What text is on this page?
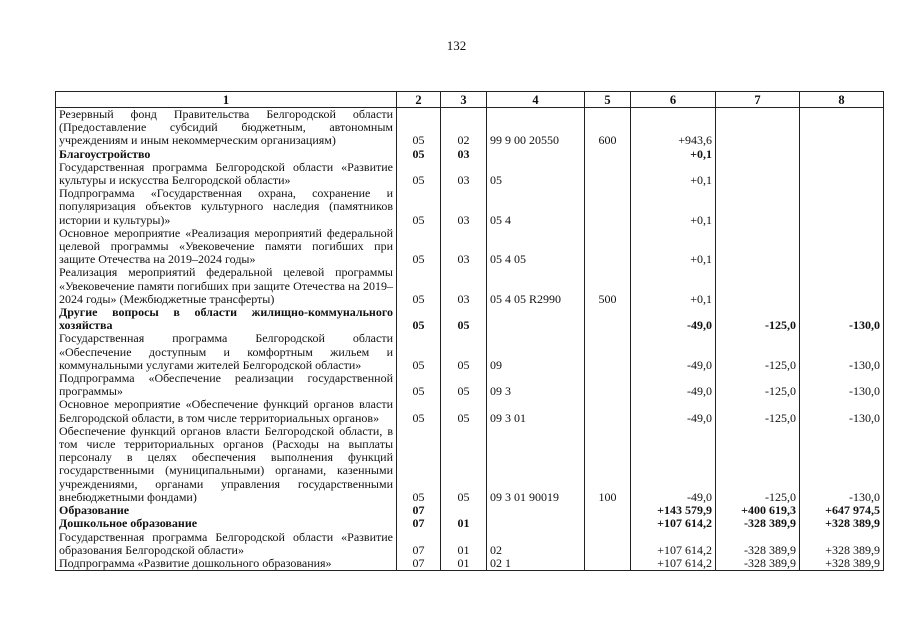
132
1	2	3	4	5	6	7	8
Резервный фонд Правительства Белгородской области (Предоставление субсидий бюджетным, автономным учреждениям и иным некоммерческим организациям)	05	02	99 9 00 20550	600	+943,6		
Благоустройство	05	03			+0,1		
Государственная программа Белгородской области «Развитие культуры и искусства Белгородской области»	05	03	05		+0,1		
Подпрограмма «Государственная охрана, сохранение и популяризация объектов культурного наследия (памятников истории и культуры)»	05	03	05 4		+0,1		
Основное мероприятие «Реализация мероприятий федеральной целевой программы «Увековечение памяти погибших при защите Отечества на 2019–2024 годы»	05	03	05 4 05		+0,1		
Реализация мероприятий федеральной целевой программы «Увековечение памяти погибших при защите Отечества на 2019–2024 годы» (Межбюджетные трансферты)	05	03	05 4 05 R2990	500	+0,1		
Другие вопросы в области жилищно-коммунального хозяйства	05	05			-49,0	-125,0	-130,0
Государственная программа Белгородской области «Обеспечение доступным и комфортным жильем и коммунальными услугами жителей Белгородской области»	05	05	09		-49,0	-125,0	-130,0
Подпрограмма «Обеспечение реализации государственной программы»	05	05	09 3		-49,0	-125,0	-130,0
Основное мероприятие «Обеспечение функций органов власти Белгородской области, в том числе территориальных органов»	05	05	09 3 01		-49,0	-125,0	-130,0
Обеспечение функций органов власти Белгородской области, в том числе территориальных органов (Расходы на выплаты персоналу в целях обеспечения выполнения функций государственными (муниципальными) органами, казенными учреждениями, органами управления государственными внебюджетными фондами)	05	05	09 3 01 90019	100	-49,0	-125,0	-130,0
Образование	07				+143 579,9	+400 619,3	+647 974,5
Дошкольное образование	07	01			+107 614,2	-328 389,9	+328 389,9
Государственная программа Белгородской области «Развитие образования Белгородской области»	07	01	02		+107 614,2	-328 389,9	+328 389,9
Подпрограмма «Развитие дошкольного образования»	07	01	02 1		+107 614,2	-328 389,9	+328 389,9
